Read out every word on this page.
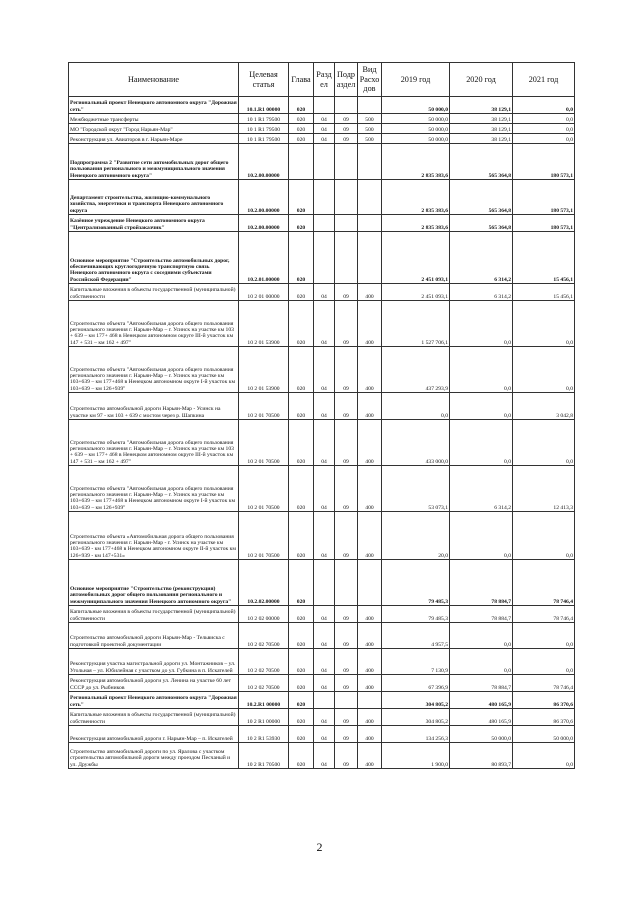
Наименование	Целевая статья	Глава	Разд ел	Подр аздел	Вид Расхо дов	2019 год	2020 год	2021 год
Региональный проект Ненецкого автономного округа "Дорожная сеть"	10.1.R1 00000	020				50 000,0	38 129,1	0,0
Межбюджетные трансферты	10 1 R1 79500	020	04	09	500	50 000,0	38 129,1	0,0
МО "Городской округ "Город Нарьян-Мар"	10 1 R1 79500	020	04	09	500	50 000,0	38 129,1	0,0
Реконструкция ул. Авиаторов в г. Нарьян-Маре	10 1 R1 79500	020	04	09	500	50 000,0	38 129,1	0,0
Подпрограмма 2 "Развитие сети автомобильных дорог общего пользования регионального и межмуниципального значения Ненецкого автономного округа"	10.2.00.00000					2 835 383,6	565 364,8	180 573,1
Департамент строительства, жилищно-коммунального хозяйства, энергетики и транспорта Ненецкого автономного округа	10.2.00.00000	020				2 835 383,6	565 364,8	180 573,1
Казённое учреждение Ненецкого автономного округа "Централизованный стройзаказчик"	10.2.00.00000	020				2 835 383,6	565 364,8	180 573,1
Основное мероприятие "Строительство автомобильных дорог, обеспечивающих круглогодичную транспортную связь Ненецкого автономного округа с соседними субъектами Российской Федерации"	10.2.01.00000	020				2 451 093,1	6 314,2	15 456,1
Капитальные вложения в объекты государственной (муниципальной) собственности	10 2 01 00000	020	04	09	400	2 451 093,1	6 314,2	15 456,1
Строительство объекта "Автомобильная дорога общего пользования регионального значения г. Нарьян-Мар – г. Усинск на участке км 103 + 639 – км 177+ 468 в Ненецком автономном округе III-й участок км 147 + 531 – км 162 + 497"	10 2 01 53900	020	04	09	400	1 527 706,1	0,0	0,0
Строительство объекта "Автомобильная дорога общего пользования регионального значения г. Нарьян-Мар – г. Усинск на участке км 103+639 – км 177+468 в Ненецком автономном округе I-й участок км 103+639 – км 126+939"	10 2 01 53900	020	04	09	400	437 293,9	0,0	0,0
Строительство автомобильной дороги Нарьян-Мар - Усинск на участке км 97 - км 103 + 639 с мостом через р. Шапкина	10 2 01 70500	020	04	09	400	0,0	0,0	3 042,8
Строительство объекта "Автомобильная дорога общего пользования регионального значения г. Нарьян-Мар – г. Усинск на участке км 103 + 639 – км 177+ 468 в Ненецком автономном округе III-й участок км 147 + 531 – км 162 + 497"	10 2 01 70500	020	04	09	400	433 000,0	0,0	0,0
Строительство объекта "Автомобильная дорога общего пользования регионального значения г. Нарьян-Мар – г. Усинск на участке км 103+639 – км 177+468 в Ненецком автономном округе I-й участок км 103+639 – км 126+939"	10 2 01 70500	020	04	09	400	53 073,1	6 314,2	12 413,3
Строительство объекта «Автомобильная дорога общего пользования регионального значения г. Нарьян-Мар - г. Усинск на участке км 103+639 - км 177+468 в Ненецком автономном округе II-й участок км 126+939 - км 147+531»	10 2 01 70500	020	04	09	400	20,0	0,0	0,0
Основное мероприятие "Строительство (реконструкция) автомобильных дорог общего пользования регионального и межмуниципального значения Ненецкого автономного округа"	10.2.02.00000	020				79 485,3	78 884,7	78 746,4
Капитальные вложения в объекты государственной (муниципальной) собственности	10 2 02 00000	020	04	09	400	79 485,3	78 884,7	78 746,4
Строительство автомобильной дороги Нарьян-Мар - Тельвиска с подготовкой проектной документации	10 2 02 70500	020	04	09	400	4 957,5	0,0	0,0
Реконструкция участка магистральной дороги ул. Монтажников – ул. Угольная – ул. Юбилейная с участком до ул. Губкина в п. Искателей	10 2 02 70500	020	04	09	400	7 130,9	0,0	0,0
Реконструкция автомобильной дороги ул. Ленина на участке 60 лет СССР до ул. Рыбников	10 2 02 70500	020	04	09	400	67 396,9	78 884,7	78 746,4
Региональный проект Ненецкого автономного округа "Дорожная сеть"	10.2.R1 00000	020				304 805,2	480 165,9	86 370,6
Капитальные вложения в объекты государственной (муниципальной) собственности	10 2 R1 00000	020	04	09	400	304 805,2	480 165,9	86 370,6
Реконструкция автомобильной дороги г. Нарьян-Мар – п. Искателей	10 2 R1 53930	020	04	09	400	134 256,3	50 000,0	50 000,0
Строительство автомобильной дороги по ул. Яралова с участком строительства автомобильной дороги между проездом Песчаный и ул. Дружбы	10 2 R1 70500	020	04	09	400	1 900,0	80 893,7	0,0
2
